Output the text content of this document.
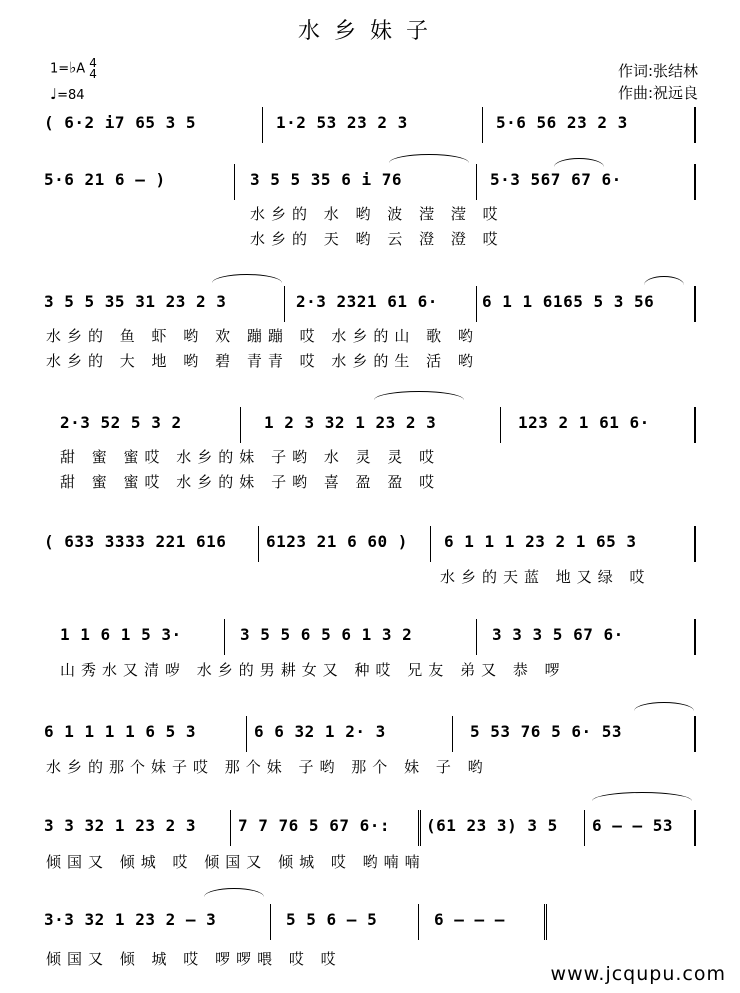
水乡妹子
1=♭A 4
4
♩=84
作词:张结林
作曲:祝远良
( 6·2 i7 65 3 5	1·2 53 23 2 3	5·6 56 23 2 3
5·6 21 6 – )	3 5 5 35 6 i 76	5·3 567 67 6·
水乡的 水 哟 波 滢 滢 哎
水乡的 天 哟 云 澄 澄 哎
3 5 5 35 31 23 2 3	2·3 2321 61 6·	6 1 1 6165 5 3 56
水乡的 鱼 虾 哟 欢 蹦蹦 哎 水乡的山 歌 哟
水乡的 大 地 哟 碧 青青 哎 水乡的生 活 哟
2·3 52 5 3 2	1 2 3 32 1 23 2 3	123 2 1 61 6·
甜 蜜 蜜哎 水乡的妹 子哟 水 灵 灵 哎
甜 蜜 蜜哎 水乡的妹 子哟 喜 盈 盈 哎
( 633 3333 221 616	6123 21 6 60 )	6 1 1 1 23 2 1 65 3
水乡的天蓝 地又绿 哎
1 1 6 1 5 3·	3 5 5 6 5 6 1 3 2	3 3 3 5 67 6·
山秀水又清哕 水乡的男耕女又 种哎 兄友 弟又 恭 啰
6 1 1 1 1 6 5 3	6 6 32 1 2· 3	5 53 76 5 6· 53
水乡的那个妹子哎 那个妹 子哟 那个 妹 子 哟
3 3 32 1 23 2 3	7 7 76 5 67 6·:	(61 23 3) 3 5	6 – – 53
倾国又 倾城 哎 倾国又 倾城 哎 哟喃喃
3·3 32 1 23 2 – 3	5 5 6 – 5	6 – – –
倾国又 倾 城 哎 啰啰喂 哎 哎
www.jcqupu.com
